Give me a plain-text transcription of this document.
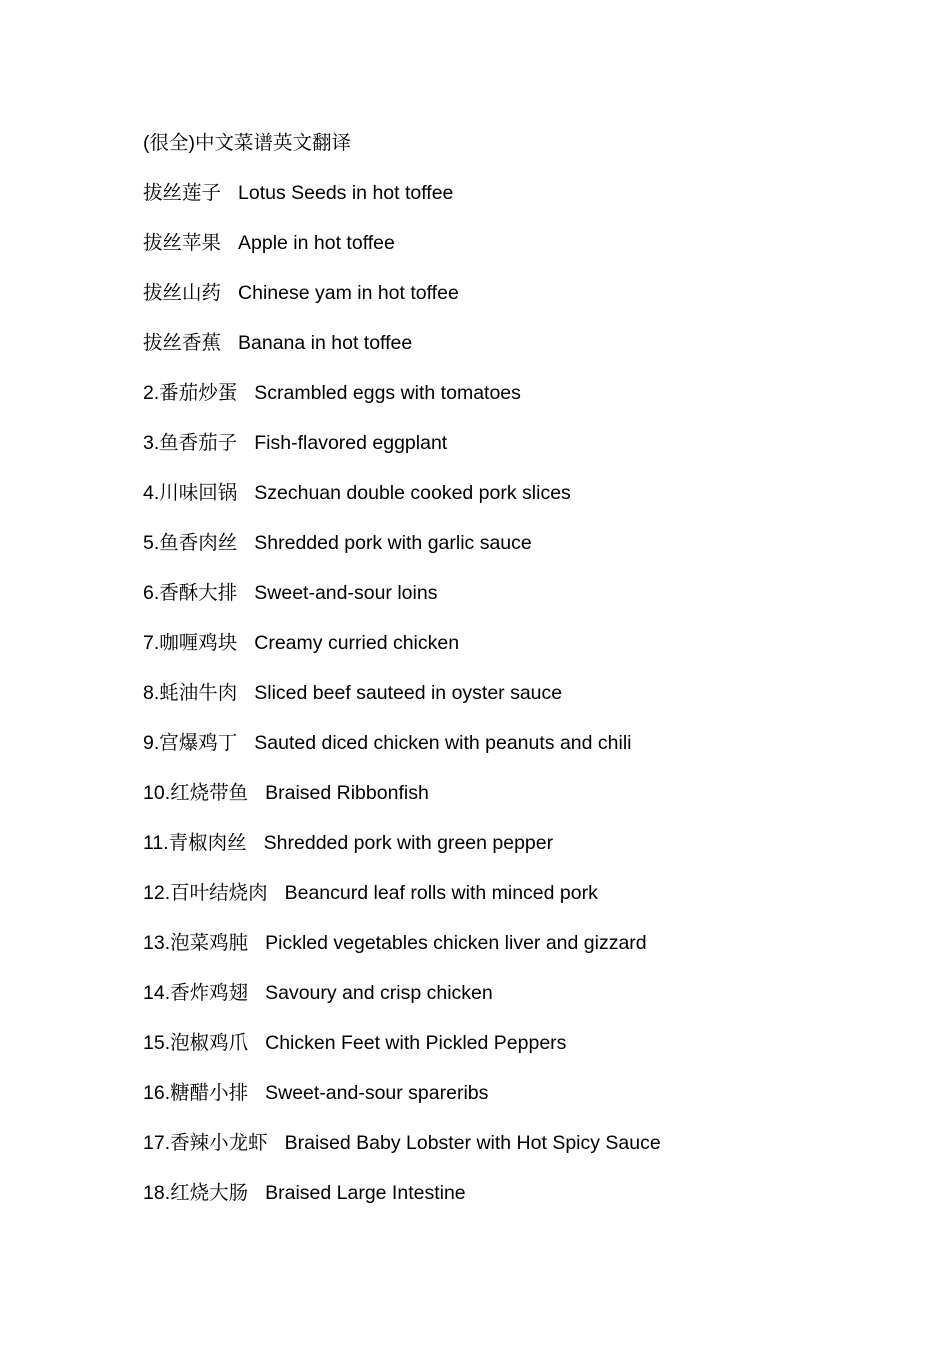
(很全)中文菜谱英文翻译
拔丝莲子 Lotus Seeds in hot toffee
拔丝苹果 Apple in hot toffee
拔丝山药 Chinese yam in hot toffee
拔丝香蕉 Banana in hot toffee
2.番茄炒蛋 Scrambled eggs with tomatoes
3.鱼香茄子 Fish-flavored eggplant
4.川味回锅 Szechuan double cooked pork slices
5.鱼香肉丝 Shredded pork with garlic sauce
6.香酥大排 Sweet-and-sour loins
7.咖喱鸡块 Creamy curried chicken
8.蚝油牛肉 Sliced beef sauteed in oyster sauce
9.宫爆鸡丁 Sauted diced chicken with peanuts and chili
10.红烧带鱼 Braised Ribbonfish
11.青椒肉丝 Shredded pork with green pepper
12.百叶结烧肉 Beancurd leaf rolls with minced pork
13.泡菜鸡肫 Pickled vegetables chicken liver and gizzard
14.香炸鸡翅 Savoury and crisp chicken
15.泡椒鸡爪 Chicken Feet with Pickled Peppers
16.糖醋小排 Sweet-and-sour spareribs
17.香辣小龙虾 Braised Baby Lobster with Hot Spicy Sauce
18.红烧大肠 Braised Large Intestine
